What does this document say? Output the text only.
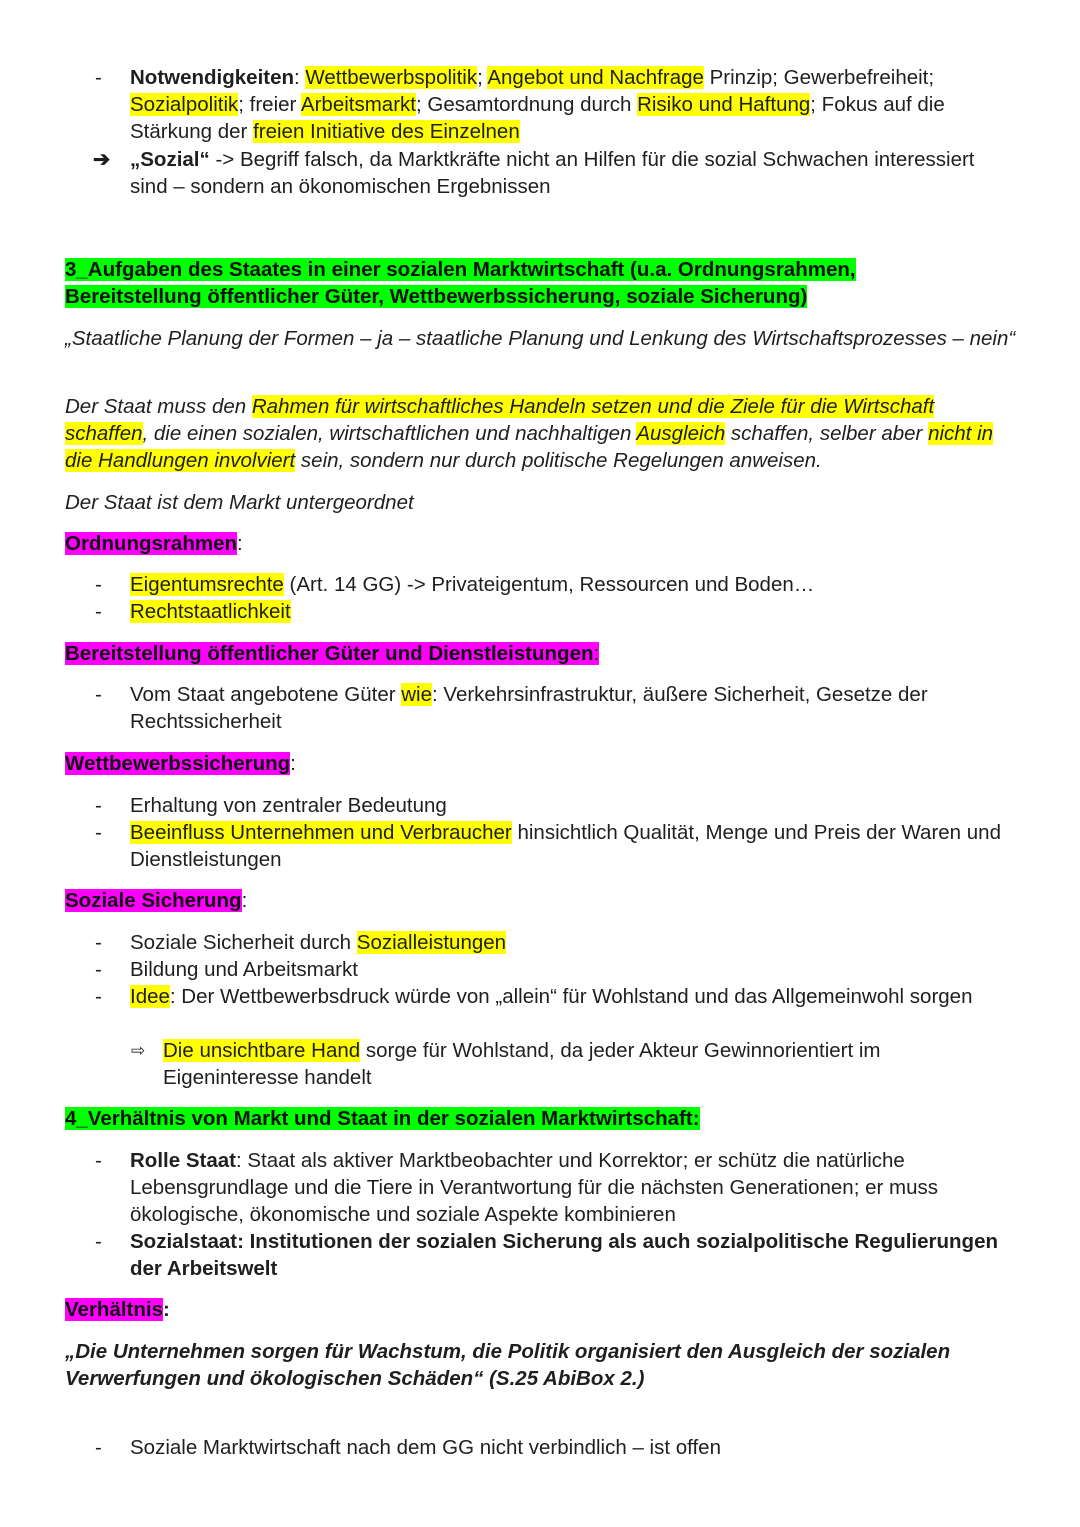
- Notwendigkeiten: Wettbewerbspolitik; Angebot und Nachfrage Prinzip; Gewerbefreiheit; Sozialpolitik; freier Arbeitsmarkt; Gesamtordnung durch Risiko und Haftung; Fokus auf die Stärkung der freien Initiative des Einzelnen
➔ „Sozial“ -> Begriff falsch, da Marktkräfte nicht an Hilfen für die sozial Schwachen interessiert sind – sondern an ökonomischen Ergebnissen
3_Aufgaben des Staates in einer sozialen Marktwirtschaft (u.a. Ordnungsrahmen, Bereitstellung öffentlicher Güter, Wettbewerbssicherung, soziale Sicherung)

„Staatliche Planung der Formen – ja – staatliche Planung und Lenkung des Wirtschaftsprozesses – nein“

Der Staat muss den Rahmen für wirtschaftliches Handeln setzen und die Ziele für die Wirtschaft schaffen, die einen sozialen, wirtschaftlichen und nachhaltigen Ausgleich schaffen, selber aber nicht in die Handlungen involviert sein, sondern nur durch politische Regelungen anweisen.

Der Staat ist dem Markt untergeordnet

Ordnungsrahmen:

- Eigentumsrechte (Art. 14 GG) -> Privateigentum, Ressourcen und Boden…
- Rechtstaatlichkeit

Bereitstellung öffentlicher Güter und Dienstleistungen:

- Vom Staat angebotene Güter wie: Verkehrsinfrastruktur, äußere Sicherheit, Gesetze der Rechtssicherheit

Wettbewerbssicherung:

- Erhaltung von zentraler Bedeutung
- Beeinfluss Unternehmen und Verbraucher hinsichtlich Qualität, Menge und Preis der Waren und Dienstleistungen

Soziale Sicherung:

- Soziale Sicherheit durch Sozialleistungen
- Bildung und Arbeitsmarkt
- Idee: Der Wettbewerbsdruck würde von „allein“ für Wohlstand und das Allgemeinwohl sorgen
⇨ Die unsichtbare Hand sorge für Wohlstand, da jeder Akteur Gewinnorientiert im Eigeninteresse handelt
4_Verhältnis von Markt und Staat in der sozialen Marktwirtschaft:
- Rolle Staat: Staat als aktiver Marktbeobachter und Korrektor; er schütz die natürliche Lebensgrundlage und die Tiere in Verantwortung für die nächsten Generationen; er muss ökologische, ökonomische und soziale Aspekte kombinieren
- Sozialstaat: Institutionen der sozialen Sicherung als auch sozialpolitische Regulierungen der Arbeitswelt

Verhältnis:

„Die Unternehmen sorgen für Wachstum, die Politik organisiert den Ausgleich der sozialen Verwerfungen und ökologischen Schäden“ (S.25 AbiBox 2.)

- Soziale Marktwirtschaft nach dem GG nicht verbindlich – ist offen
